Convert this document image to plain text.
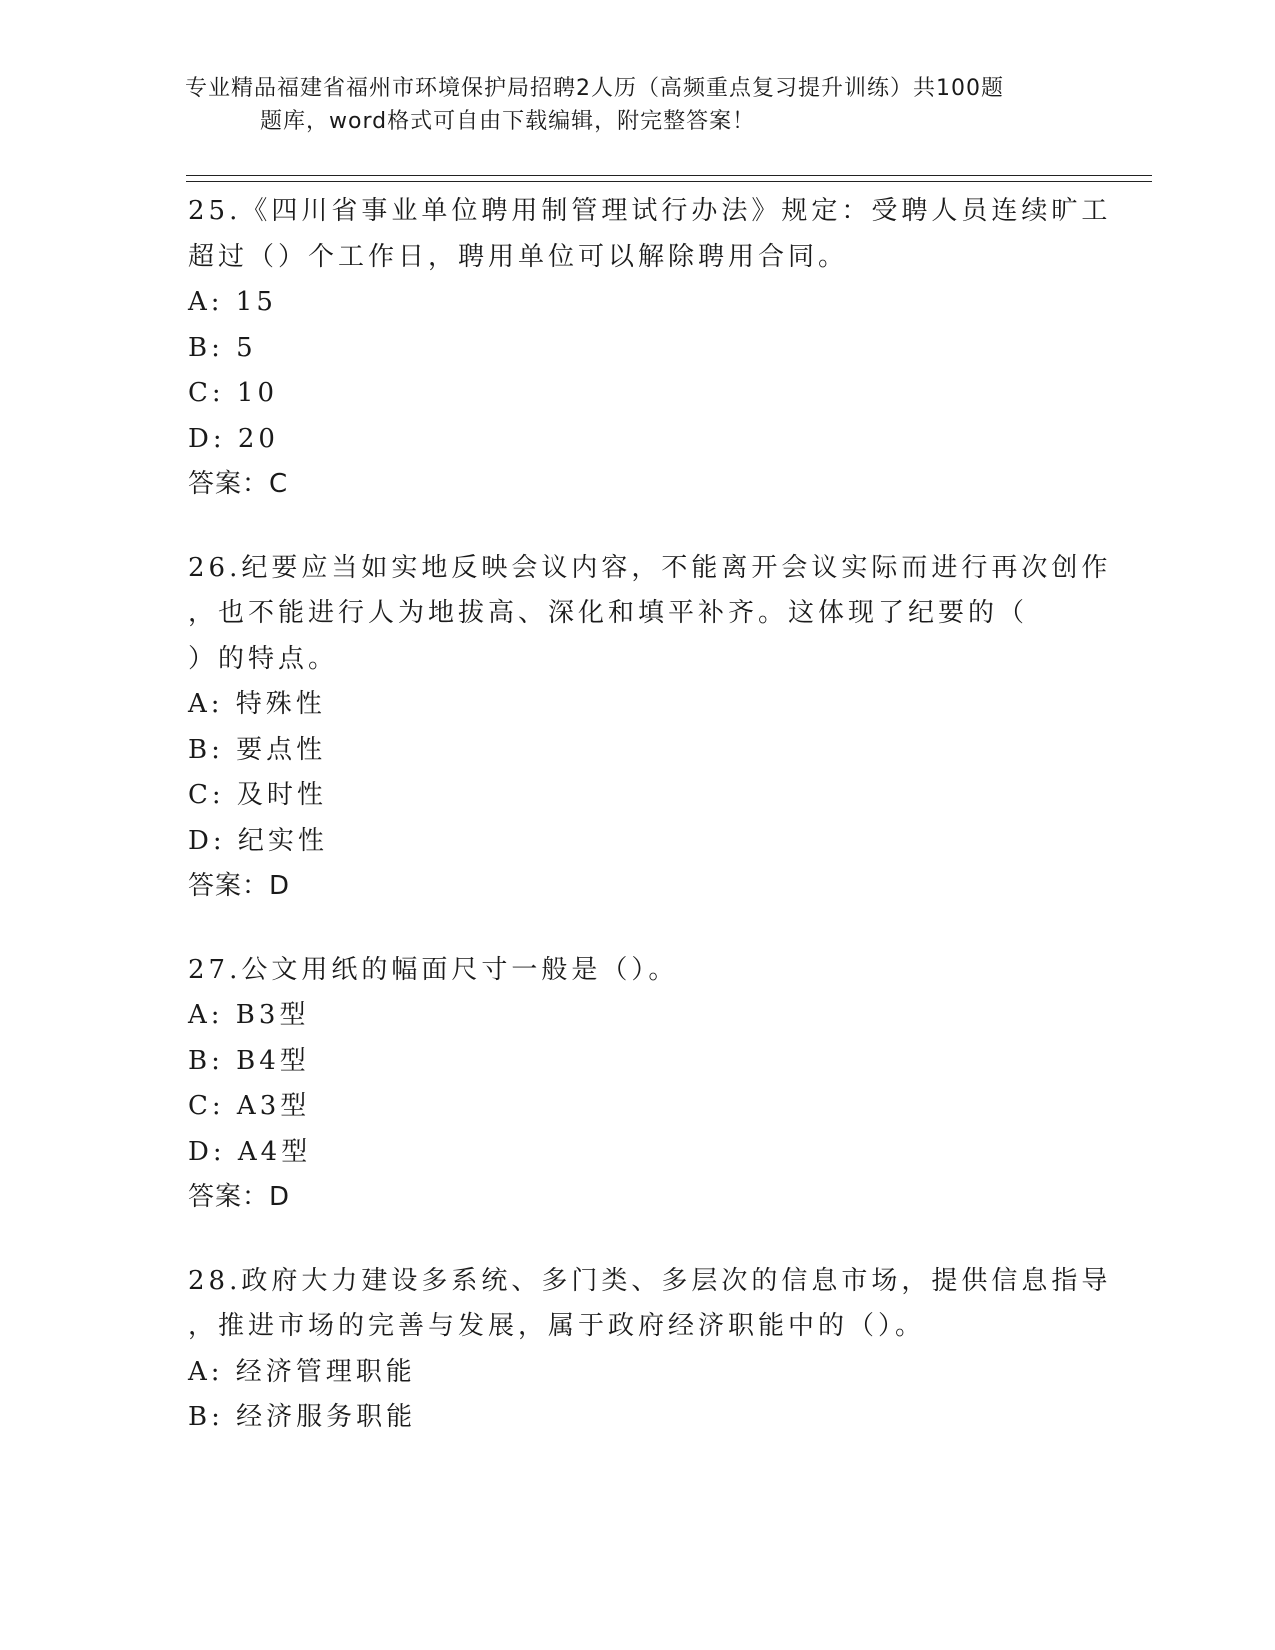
专业精品福建省福州市环境保护局招聘2人历（高频重点复习提升训练）共100题
题库，word格式可自由下载编辑，附完整答案！
25.《四川省事业单位聘用制管理试行办法》规定：受聘人员连续旷工
超过（）个工作日，聘用单位可以解除聘用合同。
A: 15
B: 5
C: 10
D: 20
答案：C
26.纪要应当如实地反映会议内容，不能离开会议实际而进行再次创作
，也不能进行人为地拔高、深化和填平补齐。这体现了纪要的（
）的特点。
A: 特殊性
B: 要点性
C: 及时性
D: 纪实性
答案：D
27.公文用纸的幅面尺寸一般是（）。
A: B3型
B: B4型
C: A3型
D: A4型
答案：D
28.政府大力建设多系统、多门类、多层次的信息市场，提供信息指导
，推进市场的完善与发展，属于政府经济职能中的（）。
A: 经济管理职能
B: 经济服务职能
